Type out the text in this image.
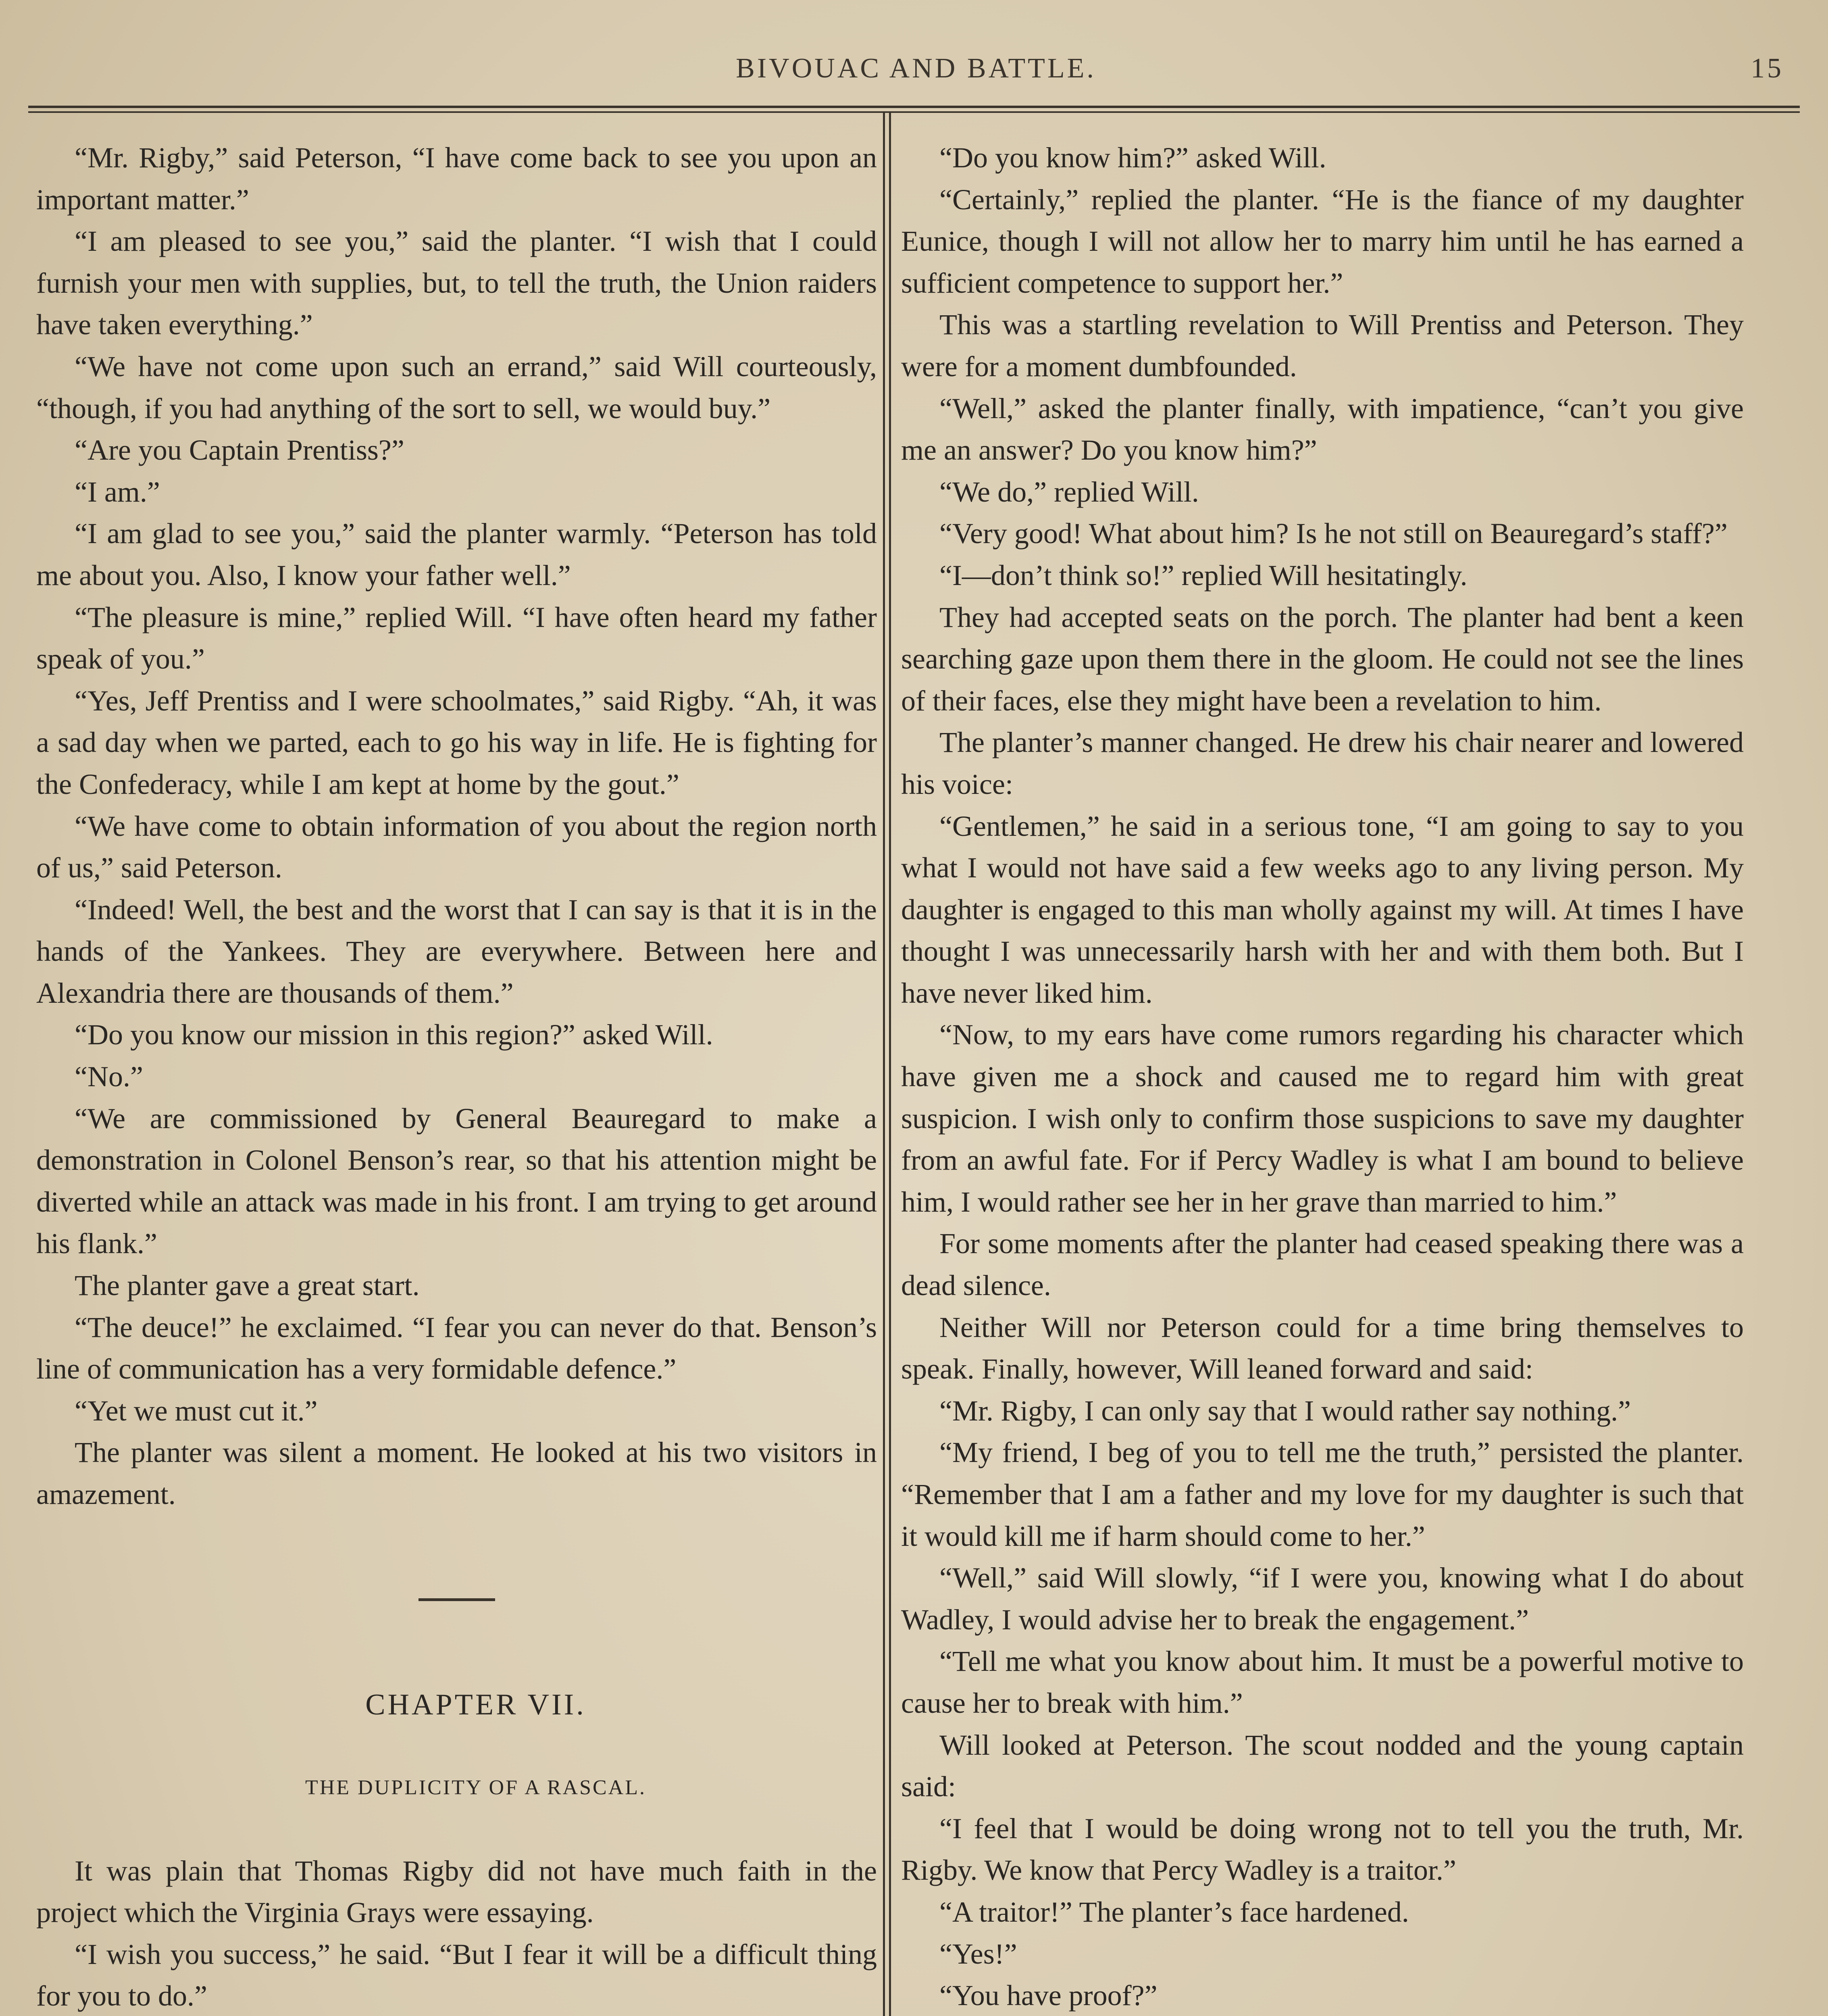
BIVOUAC AND BATTLE.	15

“Mr. Rigby,” said Peterson, “I have come back to see you upon an important matter.”

“I am pleased to see you,” said the planter. “I wish that I could furnish your men with supplies, but, to tell the truth, the Union raiders have taken everything.”

“We have not come upon such an errand,” said Will courteously, “though, if you had anything of the sort to sell, we would buy.”

“Are you Captain Prentiss?”

“I am.”

“I am glad to see you,” said the planter warmly. “Peterson has told me about you. Also, I know your father well.”

“The pleasure is mine,” replied Will. “I have often heard my father speak of you.”

“Yes, Jeff Prentiss and I were schoolmates,” said Rigby. “Ah, it was a sad day when we parted, each to go his way in life. He is fighting for the Confederacy, while I am kept at home by the gout.”

“We have come to obtain information of you about the region north of us,” said Peterson.

“Indeed! Well, the best and the worst that I can say is that it is in the hands of the Yankees. They are everywhere. Between here and Alexandria there are thousands of them.”

“Do you know our mission in this region?” asked Will.

“No.”

“We are commissioned by General Beauregard to make a demonstration in Colonel Benson’s rear, so that his attention might be diverted while an attack was made in his front. I am trying to get around his flank.”

The planter gave a great start.

“The deuce!” he exclaimed. “I fear you can never do that. Benson’s line of communication has a very formidable defence.”

“Yet we must cut it.”

The planter was silent a moment. He looked at his two visitors in amazement.

CHAPTER VII.

THE DUPLICITY OF A RASCAL.

It was plain that Thomas Rigby did not have much faith in the project which the Virginia Grays were essaying.

“I wish you success,” he said. “But I fear it will be a difficult thing for you to do.”

“Do you know him?” asked Will.

“Certainly,” replied the planter. “He is the fiance of my daughter Eunice, though I will not allow her to marry him until he has earned a sufficient competence to support her.”

This was a startling revelation to Will Prentiss and Peterson. They were for a moment dumbfounded.

“Well,” asked the planter finally, with impatience, “can’t you give me an answer? Do you know him?”

“We do,” replied Will.

“Very good! What about him? Is he not still on Beauregard’s staff?”

“I—don’t think so!” replied Will hesitatingly.

They had accepted seats on the porch. The planter had bent a keen searching gaze upon them there in the gloom. He could not see the lines of their faces, else they might have been a revelation to him.

The planter’s manner changed. He drew his chair nearer and lowered his voice:

“Gentlemen,” he said in a serious tone, “I am going to say to you what I would not have said a few weeks ago to any living person. My daughter is engaged to this man wholly against my will. At times I have thought I was unnecessarily harsh with her and with them both. But I have never liked him.

“Now, to my ears have come rumors regarding his character which have given me a shock and caused me to regard him with great suspicion. I wish only to confirm those suspicions to save my daughter from an awful fate. For if Percy Wadley is what I am bound to believe him, I would rather see her in her grave than married to him.”

For some moments after the planter had ceased speaking there was a dead silence.

Neither Will nor Peterson could for a time bring themselves to speak. Finally, however, Will leaned forward and said:

“Mr. Rigby, I can only say that I would rather say nothing.”

“My friend, I beg of you to tell me the truth,” persisted the planter. “Remember that I am a father and my love for my daughter is such that it would kill me if harm should come to her.”

“Well,” said Will slowly, “if I were you, knowing what I do about Wadley, I would advise her to break the engagement.”

“Tell me what you know about him. It must be a powerful motive to cause her to break with him.”

Will looked at Peterson. The scout nodded and the young captain said:

“I feel that I would be doing wrong not to tell you the truth, Mr. Rigby. We know that Percy Wadley is a traitor.”

“A traitor!” The planter’s face hardened.

“Yes!”

“You have proof?”
